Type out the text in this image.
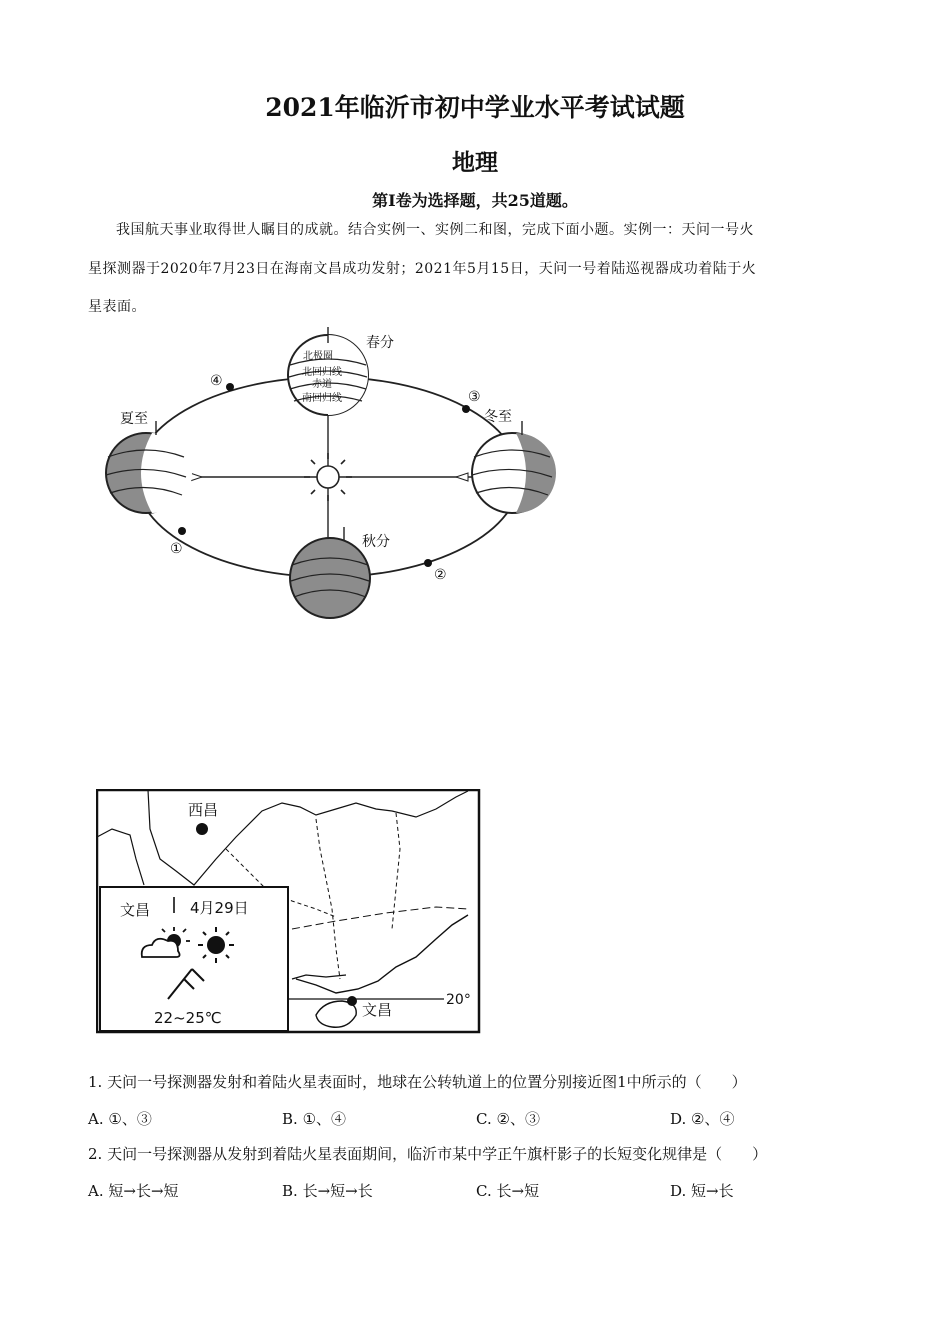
2021年临沂市初中学业水平考试试题
地理
第Ⅰ卷为选择题，共25道题。
我国航天事业取得世人瞩目的成就。结合实例一、实例二和图，完成下面小题。实例一：天问一号火
星探测器于2020年7月23日在海南文昌成功发射；2021年5月15日，天问一号着陆巡视器成功着陆于火
星表面。
北极圈
北回归线
赤道
南回归线
春分
夏至	冬至
秋分
④
③
①
②
20°
西昌
文昌
文昌	4月29日
22~25℃
1. 天问一号探测器发射和着陆火星表面时，地球在公转轨道上的位置分别接近图1中所示的（　　）
A. ①、③	B. ①、④	C. ②、③	D. ②、④
2. 天问一号探测器从发射到着陆火星表面期间，临沂市某中学正午旗杆影子的长短变化规律是（　　）
A. 短→长→短	B. 长→短→长	C. 长→短	D. 短→长
